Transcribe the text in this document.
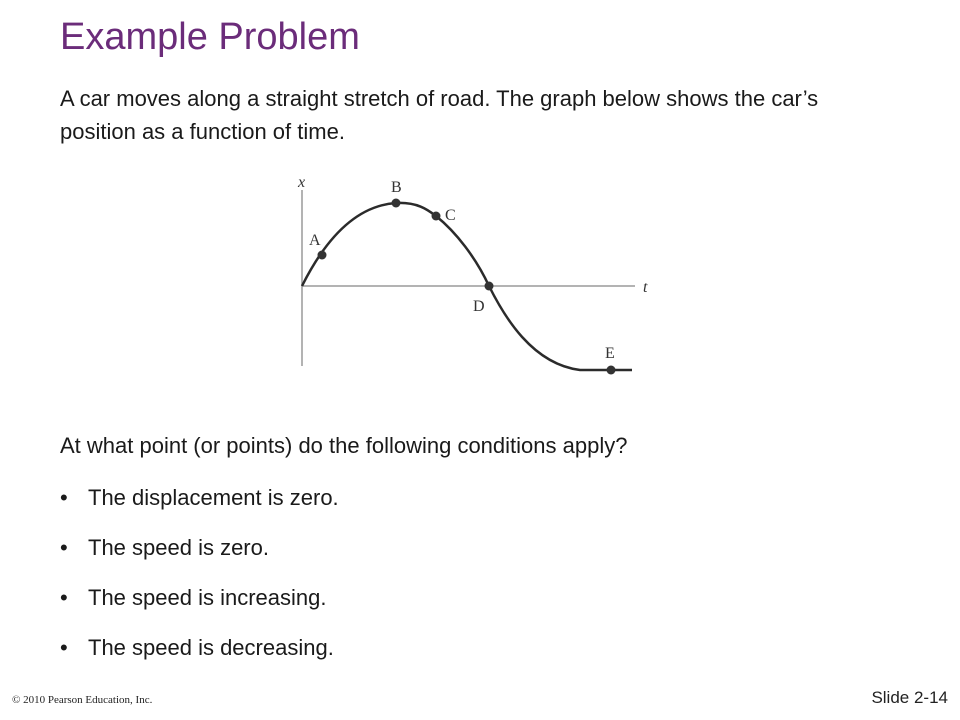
Example Problem

A car moves along a straight stretch of road. The graph below shows the car’s position as a function of time.

x
t
A
B
C
D
E

At what point (or points) do the following conditions apply?

• The displacement is zero.
• The speed is zero.
• The speed is increasing.
• The speed is decreasing.
© 2010 Pearson Education, Inc.	Slide 2-14
